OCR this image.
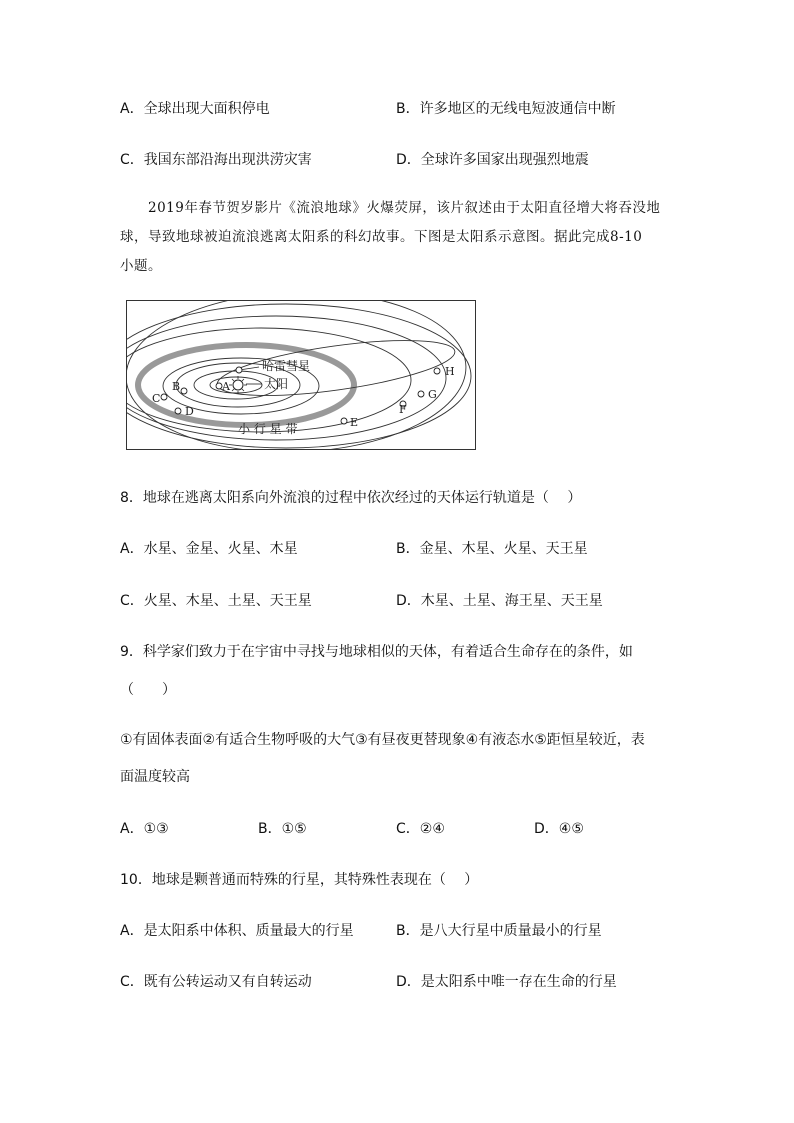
A．全球出现大面积停电	B．许多地区的无线电短波通信中断
C．我国东部沿海出现洪涝灾害	D．全球许多国家出现强烈地震
2019年春节贺岁影片《流浪地球》火爆荧屏，该片叙述由于太阳直径增大将吞没地
球，导致地球被迫流浪逃离太阳系的科幻故事。下图是太阳系示意图。据此完成8-10
小题。
A
B
C
D
E
F
G
H
哈雷彗星
太阳
小 行 星 带
8．地球在逃离太阳系向外流浪的过程中依次经过的天体运行轨道是（　 ）
A．水星、金星、火星、木星	B．金星、木星、火星、天王星
C．火星、木星、土星、天王星	D．木星、土星、海王星、天王星
9．科学家们致力于在宇宙中寻找与地球相似的天体，有着适合生命存在的条件，如
（　　）
①有固体表面②有适合生物呼吸的大气③有昼夜更替现象④有液态水⑤距恒星较近，表
面温度较高
A．①③	B．①⑤	C．②④	D．④⑤
10．地球是颗普通而特殊的行星，其特殊性表现在（　 ）
A．是太阳系中体积、质量最大的行星	B．是八大行星中质量最小的行星
C．既有公转运动又有自转运动	D．是太阳系中唯一存在生命的行星
